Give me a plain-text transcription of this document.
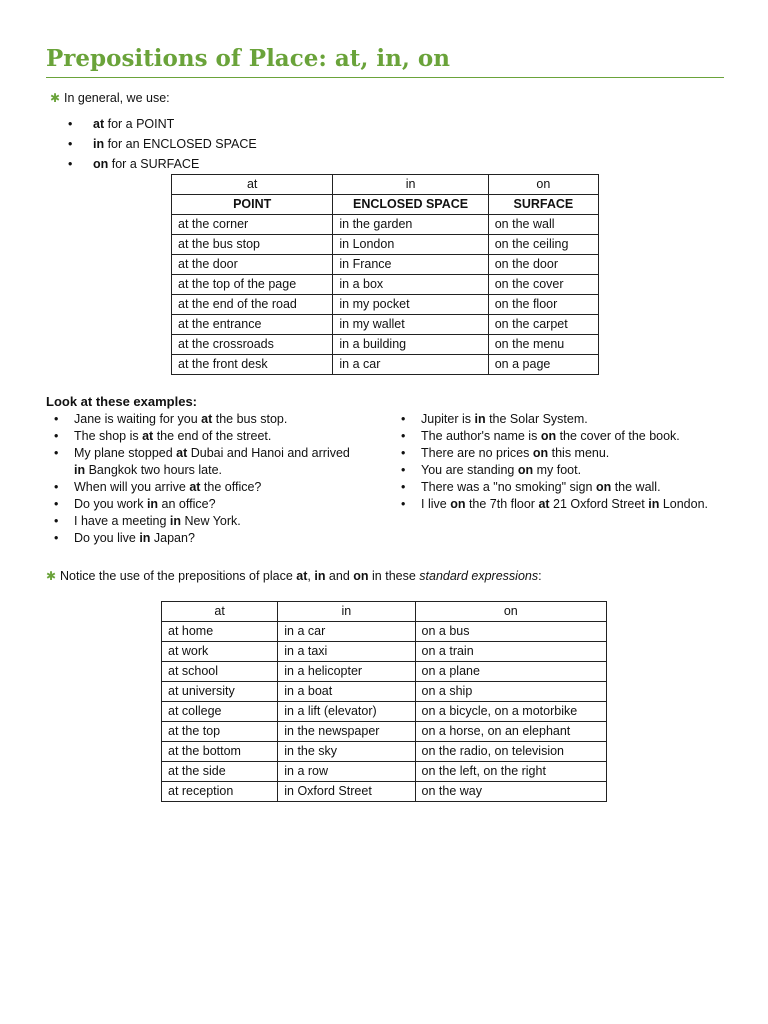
Prepositions of Place: at, in, on
✱ In general, we use:
• at for a POINT
• in for an ENCLOSED SPACE
• on for a SURFACE
at	in	on
POINT	ENCLOSED SPACE	SURFACE
at the corner	in the garden	on the wall
at the bus stop	in London	on the ceiling
at the door	in France	on the door
at the top of the page	in a box	on the cover
at the end of the road	in my pocket	on the floor
at the entrance	in my wallet	on the carpet
at the crossroads	in a building	on the menu
at the front desk	in a car	on a page
Look at these examples:
• Jane is waiting for you at the bus stop.
• The shop is at the end of the street.
• My plane stopped at Dubai and Hanoi and arrived in Bangkok two hours late.
• When will you arrive at the office?
• Do you work in an office?
• I have a meeting in New York.
• Do you live in Japan?
• Jupiter is in the Solar System.
• The author's name is on the cover of the book.
• There are no prices on this menu.
• You are standing on my foot.
• There was a "no smoking" sign on the wall.
• I live on the 7th floor at 21 Oxford Street in London.
✱ Notice the use of the prepositions of place at, in and on in these standard expressions:
at	in	on
at home	in a car	on a bus
at work	in a taxi	on a train
at school	in a helicopter	on a plane
at university	in a boat	on a ship
at college	in a lift (elevator)	on a bicycle, on a motorbike
at the top	in the newspaper	on a horse, on an elephant
at the bottom	in the sky	on the radio, on television
at the side	in a row	on the left, on the right
at reception	in Oxford Street	on the way
